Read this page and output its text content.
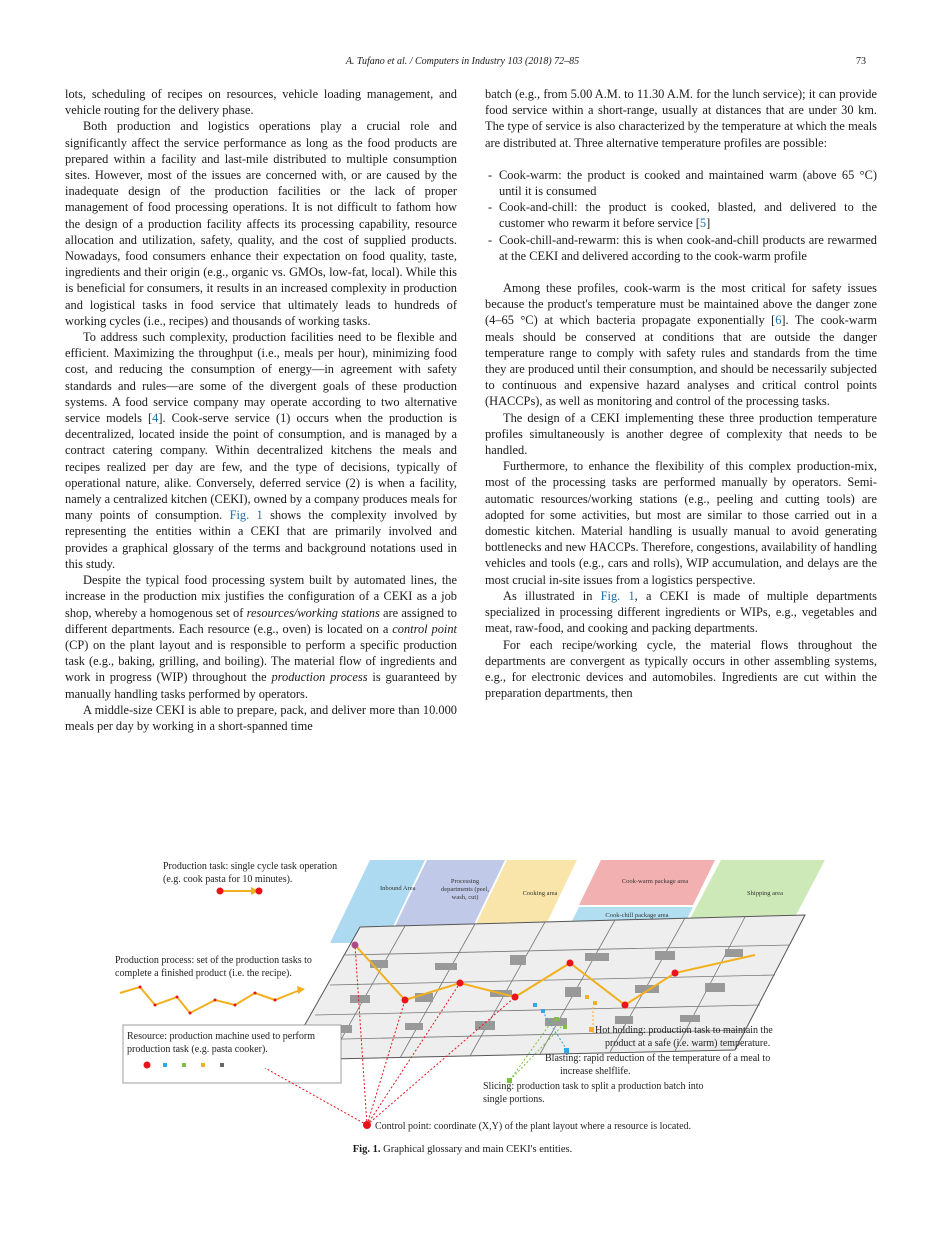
A. Tufano et al. / Computers in Industry 103 (2018) 72–85	73

lots, scheduling of recipes on resources, vehicle loading management, and vehicle routing for the delivery phase.

Both production and logistics operations play a crucial role and significantly affect the service performance as long as the food products are prepared within a facility and last-mile distributed to multiple consumption sites. However, most of the issues are concerned with, or are caused by the inadequate design of the production facilities or the lack of proper management of food processing operations. It is not difficult to fathom how the design of a production facility affects its processing capability, resource allocation and utilization, safety, quality, and the cost of supplied products. Nowadays, food consumers enhance their expectation on food quality, taste, ingredients and their origin (e.g., organic vs. GMOs, low-fat, local). While this is beneficial for consumers, it results in an increased complexity in production and logistical tasks in food service that ultimately leads to hundreds of working cycles (i.e., recipes) and thousands of working tasks.

To address such complexity, production facilities need to be flexible and efficient. Maximizing the throughput (i.e., meals per hour), minimizing food cost, and reducing the consumption of energy—in agreement with safety standards and rules—are some of the divergent goals of these production systems. A food service company may operate according to two alternative service models [4]. Cook-serve service (1) occurs when the production is decentralized, located inside the point of consumption, and is managed by a contract catering company. Within decentralized kitchens the meals and recipes realized per day are few, and the type of decisions, typically of operational nature, alike. Conversely, deferred service (2) is when a facility, namely a centralized kitchen (CEKI), owned by a company produces meals for many points of consumption. Fig. 1 shows the complexity involved by representing the entities within a CEKI that are primarily involved and provides a graphical glossary of the terms and background notations used in this study.

Despite the typical food processing system built by automated lines, the increase in the production mix justifies the configuration of a CEKI as a job shop, whereby a homogenous set of resources/working stations are assigned to different departments. Each resource (e.g., oven) is located on a control point (CP) on the plant layout and is responsible to perform a specific production task (e.g., baking, grilling, and boiling). The material flow of ingredients and work in progress (WIP) throughout the production process is guaranteed by manually handling tasks performed by operators.

A middle-size CEKI is able to prepare, pack, and deliver more than 10.000 meals per day by working in a short-spanned time

batch (e.g., from 5.00 A.M. to 11.30 A.M. for the lunch service); it can provide food service within a short-range, usually at distances that are under 30 km. The type of service is also characterized by the temperature at which the meals are distributed at. Three alternative temperature profiles are possible:

- Cook-warm: the product is cooked and maintained warm (above 65 °C) until it is consumed
- Cook-and-chill: the product is cooked, blasted, and delivered to the customer who rewarm it before service [5]
- Cook-chill-and-rewarm: this is when cook-and-chill products are rewarmed at the CEKI and delivered according to the cook-warm profile

Among these profiles, cook-warm is the most critical for safety issues because the product's temperature must be maintained above the danger zone (4–65 °C) at which bacteria propagate exponentially [6]. The cook-warm meals should be conserved at conditions that are outside the danger temperature range to comply with safety rules and standards from the time they are produced until their consumption, and should be necessarily subjected to continuous and expensive hazard analyses and critical control points (HACCPs), as well as monitoring and control of the processing tasks.

The design of a CEKI implementing these three production temperature profiles simultaneously is another degree of complexity that needs to be handled.

Furthermore, to enhance the flexibility of this complex production-mix, most of the processing tasks are performed manually by operators. Semi-automatic resources/working stations (e.g., peeling and cutting tools) are adopted for some activities, but most are similar to those carried out in a domestic kitchen. Material handling is usually manual to avoid generating bottlenecks and new HACCPs. Therefore, congestions, availability of handling vehicles and tools (e.g., cars and rolls), WIP accumulation, and delays are the most crucial in-site issues from a logistics perspective.

As illustrated in Fig. 1, a CEKI is made of multiple departments specialized in processing different ingredients or WIPs, e.g., vegetables and meat, raw-food, and cooking and packing departments.

For each recipe/working cycle, the material flows throughout the departments are convergent as typically occurs in other assembling systems, e.g., for electronic devices and automobiles. Ingredients are cut within the preparation departments, then

Inbound Area
Processing
departments (peel,
wash, cut)
Cooking area
Cook-warm package area
Cook-chill package area
Shipping area
Production task: single cycle task operation
(e.g. cook pasta for 10 minutes).
Production process: set of the production tasks to
complete a finished product (i.e. the recipe).
Resource: production machine used to perform
production task (e.g. pasta cooker).
Hot holding: production task to maintain the
product at a safe (i.e. warm) temperature.
Blasting: rapid reduction of the temperature of a meal to
increase shelflife.
Slicing: production task to split a production batch into
single portions.
Control point: coordinate (X,Y) of the plant layout where a resource is located.
Fig. 1. Graphical glossary and main CEKI's entities.
